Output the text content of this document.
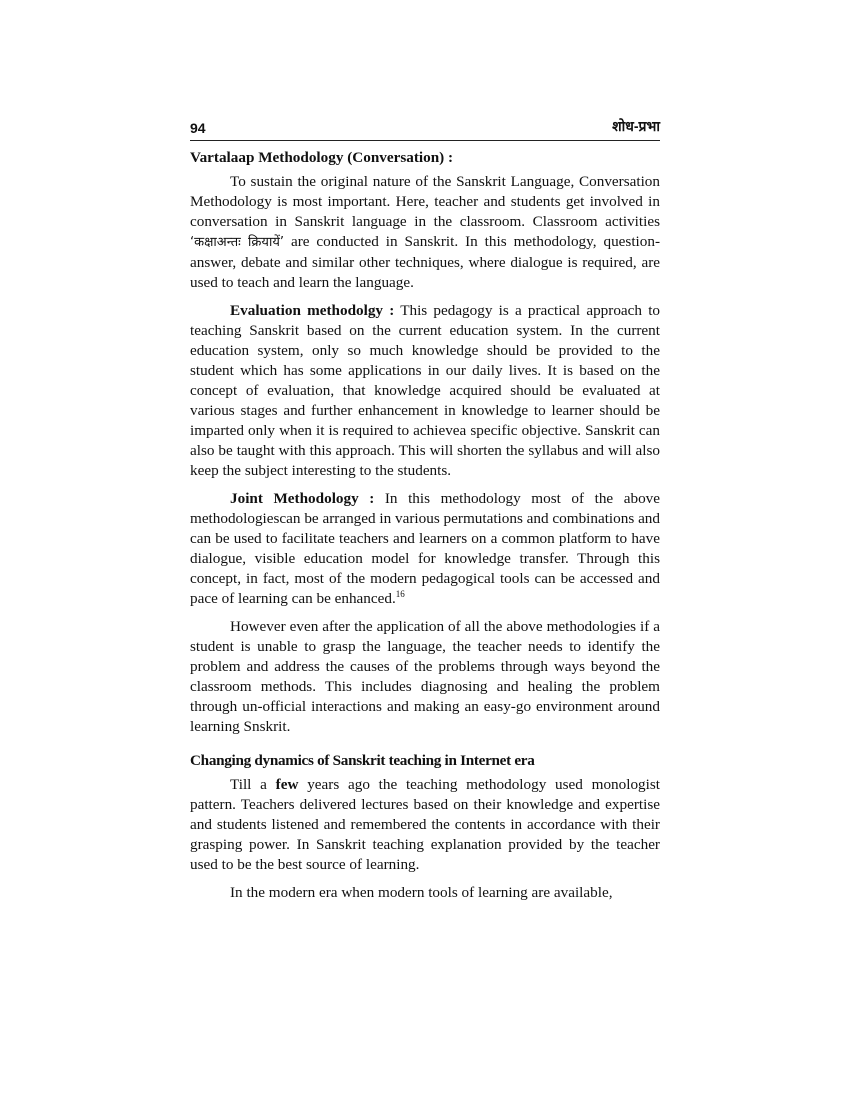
94	शोध-प्रभा
Vartalaap Methodology (Conversation) :

To sustain the original nature of the Sanskrit Language, Conversation Methodology is most important. Here, teacher and students get involved in conversation in Sanskrit language in the classroom. Classroom activities ‘कक्षाअन्तः क्रियायें’ are conducted in Sanskrit. In this methodology, question-answer, debate and similar other techniques, where dialogue is required, are used to teach and learn the language.

Evaluation methodolgy : This pedagogy is a practical approach to teaching Sanskrit based on the current education system. In the current education system, only so much knowledge should be provided to the student which has some applications in our daily lives. It is based on the concept of evaluation, that knowledge acquired should be evaluated at various stages and further enhancement in knowledge to learner should be imparted only when it is required to achievea specific objective. Sanskrit can also be taught with this approach. This will shorten the syllabus and will also keep the subject interesting to the students.

Joint Methodology : In this methodology most of the above methodologiescan be arranged in various permutations and combinations and can be used to facilitate teachers and learners on a common platform to have dialogue, visible education model for knowledge transfer. Through this concept, in fact, most of the modern pedagogical tools can be accessed and pace of learning can be enhanced.$^{16}$

However even after the application of all the above methodologies if a student is unable to grasp the language, the teacher needs to identify the problem and address the causes of the problems through ways beyond the classroom methods. This includes diagnosing and healing the problem through un-official interactions and making an easy-go environment around learning Snskrit.

Changing dynamics of Sanskrit teaching in Internet era

Till a few years ago the teaching methodology used monologist pattern. Teachers delivered lectures based on their knowledge and expertise and students listened and remembered the contents in accordance with their grasping power. In Sanskrit teaching explanation provided by the teacher used to be the best source of learning.

In the modern era when modern tools of learning are available,
